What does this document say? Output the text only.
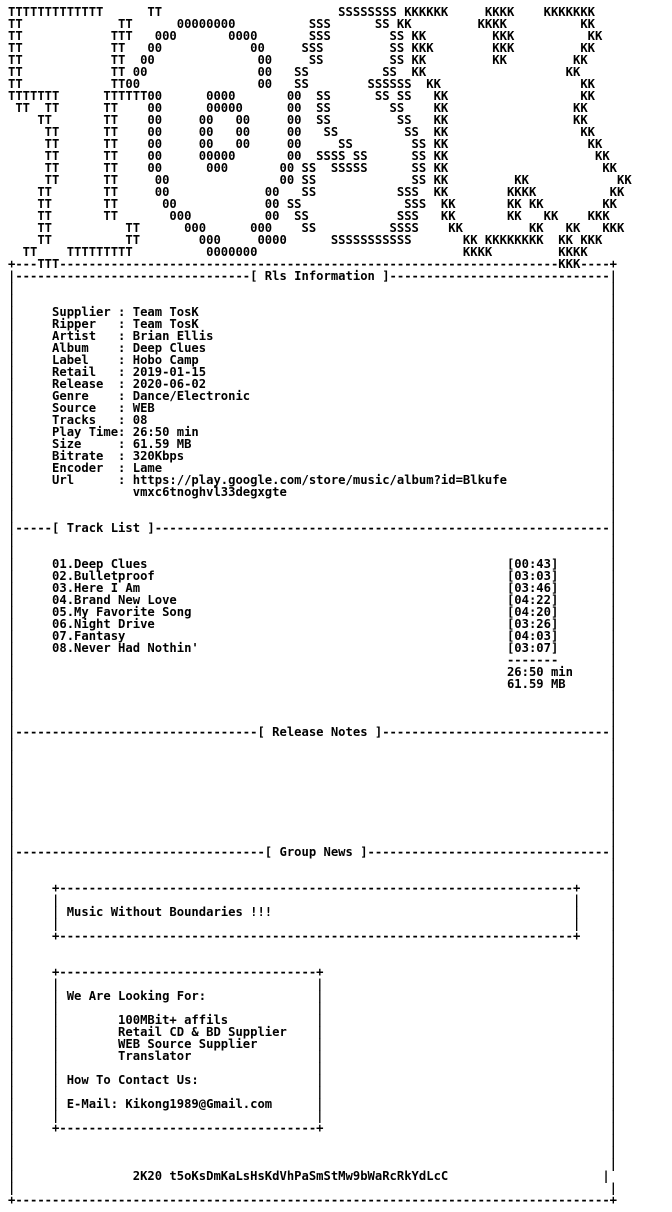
TTTTTTTTTTTTT      TT                        SSSSSSSS KKKKKK     KKKK    KKKKKKK
TT             TT      00000000          SSS      SS KK         KKKK          KK
TT            TTT   000       0000       SSS        SS KK         KKK          KK
TT            TT   00            00     SSS         SS KKK        KKK         KK
TT            TT  00              00     SS         SS KK         KK         KK
TT            TT 00               00   SS          SS  KK                   KK
TT            TT00                00   SS        SSSSSS  KK                   KK
TTTTTTT      TTTTTT00      0000       00  SS      SS SS   KK                  KK
TT  TT      TT    00      00000      00  SS        SS    KK                 KK
TT       TT    00     00   00     00  SS         SS   KK                 KK
TT      TT    00     00   00     00   SS         SS  KK                  KK
TT      TT    00     00   00     00     SS        SS KK                   KK
TT      TT    00     00000       00  SSSS SS      SS KK                    KK
TT      TT    00      000       00 SS  SSSSS      SS KK                     KK
TT      TT     00               00 SS             SS KK         KK            KK
TT       TT     00             00   SS           SSS  KK        KKKK          KK
TT       TT      00            00 SS              SSS  KK       KK KK        KK
TT       TT       000          00  SS            SSS   KK       KK   KK    KKK
TT          TT      000      000    SS          SSSS    KK         KK   KK   KKK
TT          TT        000     0000      SSSSSSSSSSS       KK KKKKKKKK  KK KKK
TT    TTTTTTTTT          0000000                            KKKK         KKKK
+---TTT--------------------------------------------------------------------KKK----+
|--------------------------------[ Rls Information ]------------------------------|
|                                                                                 |
|                                                                                 |
|     Supplier : Team TosK                                                        |
|     Ripper   : Team TosK                                                        |
|     Artist   : Brian Ellis                                                      |
|     Album    : Deep Clues                                                       |
|     Label    : Hobo Camp                                                        |
|     Retail   : 2019-01-15                                                       |
|     Release  : 2020-06-02                                                       |
|     Genre    : Dance/Electronic                                                 |
|     Source   : WEB                                                              |
|     Tracks   : 08                                                               |
|     Play Time: 26:50 min                                                        |
|     Size     : 61.59 MB                                                         |
|     Bitrate  : 320Kbps                                                          |
|     Encoder  : Lame                                                             |
|     Url      : https://play.google.com/store/music/album?id=Blkufe              |
|                vmxc6tnoghvl33degxgte                                            |
|                                                                                 |
|                                                                                 |
|-----[ Track List ]--------------------------------------------------------------|
|                                                                                 |
|                                                                                 |
|     01.Deep Clues                                                 [00:43]       |
|     02.Bulletproof                                                [03:03]       |
|     03.Here I Am                                                  [03:46]       |
|     04.Brand New Love                                             [04:22]       |
|     05.My Favorite Song                                           [04:20]       |
|     06.Night Drive                                                [03:26]       |
|     07.Fantasy                                                    [04:03]       |
|     08.Never Had Nothin'                                          [03:07]       |
|                                                                   -------       |
|                                                                   26:50 min     |
|                                                                   61.59 MB      |
|                                                                                 |
|                                                                                 |
|                                                                                 |
|---------------------------------[ Release Notes ]-------------------------------|
|                                                                                 |
|                                                                                 |
|                                                                                 |
|                                                                                 |
|                                                                                 |
|                                                                                 |
|                                                                                 |
|                                                                                 |
|                                                                                 |
|----------------------------------[ Group News ]---------------------------------|
|                                                                                 |
|                                                                                 |
|     +----------------------------------------------------------------------+    |
|     |                                                                      |    |
|     | Music Without Boundaries !!!                                         |    |
|     |                                                                      |    |
|     +----------------------------------------------------------------------+    |
|                                                                                 |
|                                                                                 |
|     +-----------------------------------+                                       |
|     |                                   |                                       |
|     | We Are Looking For:               |                                       |
|     |                                   |                                       |
|     |        100MBit+ affils            |                                       |
|     |        Retail CD & BD Supplier    |                                       |
|     |        WEB Source Supplier        |                                       |
|     |        Translator                 |                                       |
|     |                                   |                                       |
|     | How To Contact Us:                |                                       |
|     |                                   |                                       |
|     | E-Mail: Kikong1989@Gmail.com      |                                       |
|     |                                   |                                       |
|     +-----------------------------------+                                       |
|                                                                                 |
|                                                                                 |
|                                                                                 |
|                2K20 t5oKsDmKaLsHsKdVhPaSmStMw9bWaRcRkYdLcC                     |
|                                                                                 |
+---------------------------------------------------------------------------------+
